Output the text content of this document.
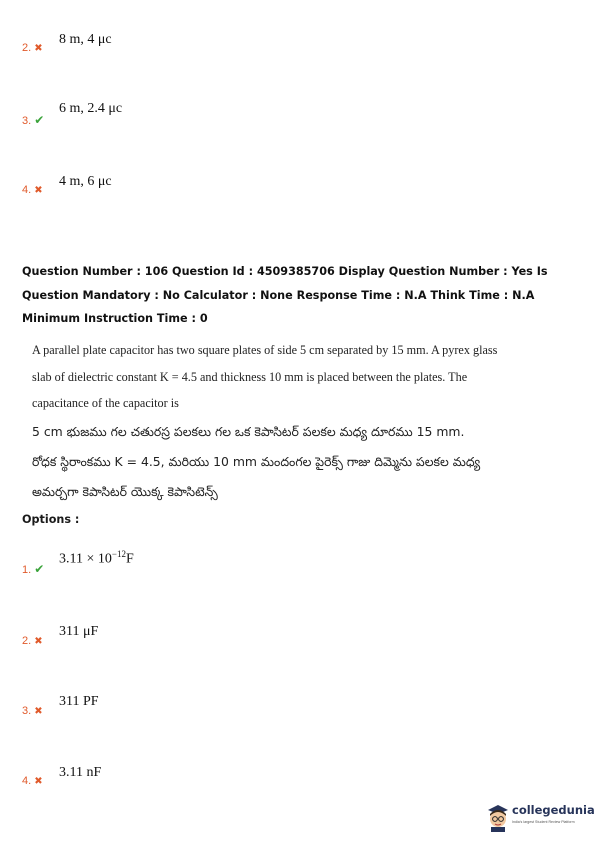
8 m, 4 μc
2. ✖
6 m, 2.4 μc
3. ✔
4 m, 6 μc
4. ✖
Question Number : 106 Question Id : 4509385706 Display Question Number : Yes Is Question Mandatory : No Calculator : None Response Time : N.A Think Time : N.A Minimum Instruction Time : 0
A parallel plate capacitor has two square plates of side 5 cm separated by 15 mm. A pyrex glass
slab of dielectric constant K = 4.5 and thickness 10 mm is placed between the plates. The
capacitance of the capacitor is
5 cm భుజము గల చతురస్ర పలకలు గల ఒక కెపాసిటర్ పలకల మధ్య దూరము 15 mm.
రోధక స్థిరాంకము K = 4.5, మరియు 10 mm మందంగల పైరెక్స్ గాజు దిమ్మెను పలకల మధ్య
అమర్చగా కెపాసిటర్ యొక్క కెపాసిటెన్స్
Options :
$3.11 \times 10^{-12}F$
1. ✔
311 μF
2. ✖
311 PF
3. ✖
3.11 nF
4. ✖
collegedunia
India's largest Student Review Platform
